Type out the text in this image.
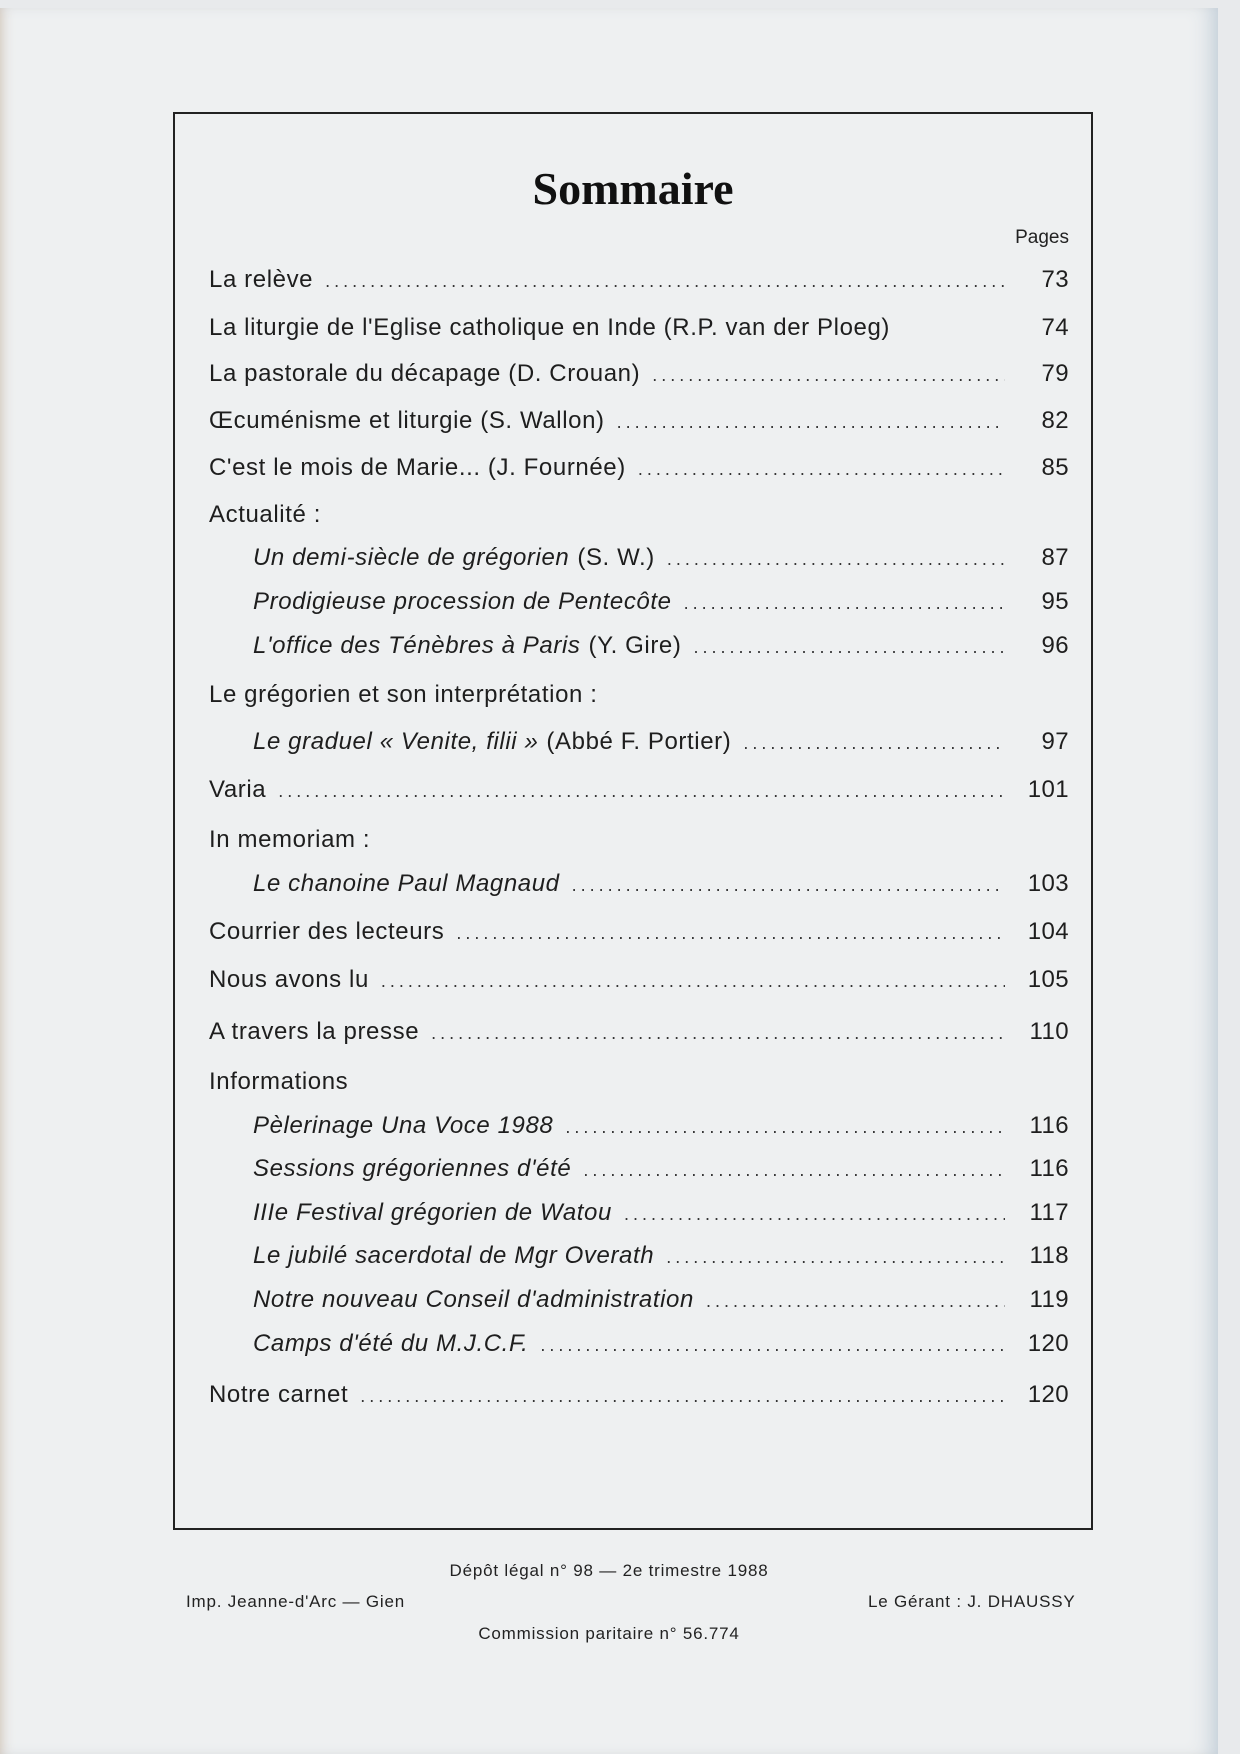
Sommaire
Pages
La relève .....	73
La liturgie de l'Eglise catholique en Inde (R.P. van der Ploeg)	74
La pastorale du décapage (D. Crouan) .....	79
Œcuménisme et liturgie (S. Wallon) .....	82
C'est le mois de Marie... (J. Fournée) .....	85
Actualité :
Un demi-siècle de grégorien (S. W.) .....	87
Prodigieuse procession de Pentecôte .....	95
L'office des Ténèbres à Paris (Y. Gire) .....	96
Le grégorien et son interprétation :
Le graduel « Venite, filii » (Abbé F. Portier) .....	97
Varia .....	101
In memoriam :
Le chanoine Paul Magnaud .....	103
Courrier des lecteurs .....	104
Nous avons lu .....	105
A travers la presse .....	110
Informations
Pèlerinage Una Voce 1988 .....	116
Sessions grégoriennes d'été .....	116
IIIe Festival grégorien de Watou .....	117
Le jubilé sacerdotal de Mgr Overath .....	118
Notre nouveau Conseil d'administration .....	119
Camps d'été du M.J.C.F. .....	120
Notre carnet .....	120
Dépôt légal n° 98 — 2e trimestre 1988
Imp. Jeanne-d'Arc — Gien	Le Gérant : J. DHAUSSY
Commission paritaire n° 56.774
